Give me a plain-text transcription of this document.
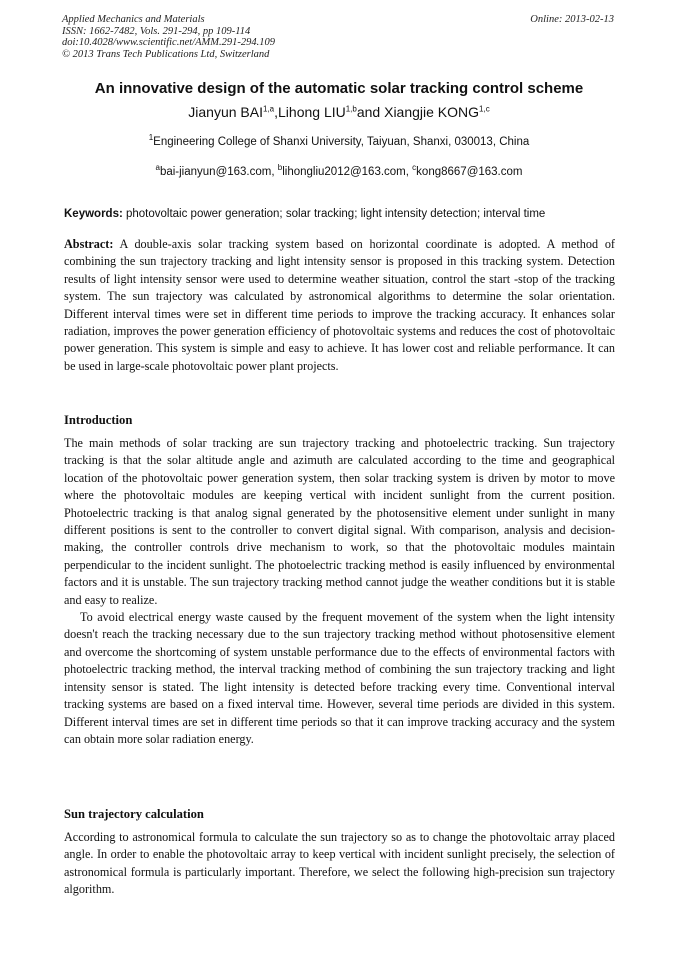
Applied Mechanics and Materials
ISSN: 1662-7482, Vols. 291-294, pp 109-114
doi:10.4028/www.scientific.net/AMM.291-294.109
© 2013 Trans Tech Publications Ltd, Switzerland
Online: 2013-02-13
An innovative design of the automatic solar tracking control scheme
Jianyun BAI$^{1,a}$,Lihong LIU$^{1,b}$and Xiangjie KONG$^{1,c}$
$^1$Engineering College of Shanxi University, Taiyuan, Shanxi, 030013, China
$^a$bai-jianyun@163.com, $^b$lihongliu2012@163.com, $^c$kong8667@163.com
Keywords: photovoltaic power generation; solar tracking; light intensity detection; interval time

Abstract: A double-axis solar tracking system based on horizontal coordinate is adopted. A method of combining the sun trajectory tracking and light intensity sensor is proposed in this tracking system. Detection results of light intensity sensor were used to determine weather situation, control the start -stop of the tracking system. The sun trajectory was calculated by astronomical algorithms to determine the solar orientation. Different interval times were set in different time periods to improve the tracking accuracy. It enhances solar radiation, improves the power generation efficiency of photovoltaic systems and reduces the cost of photovoltaic power generation. This system is simple and easy to achieve. It has lower cost and reliable performance. It can be used in large-scale photovoltaic power plant projects.

Introduction

The main methods of solar tracking are sun trajectory tracking and photoelectric tracking. Sun trajectory tracking is that the solar altitude angle and azimuth are calculated according to the time and geographical location of the photovoltaic power generation system, then solar tracking system is driven by motor to move where the photovoltaic modules are keeping vertical with incident sunlight from the current position. Photoelectric tracking is that analog signal generated by the photosensitive element under sunlight in many different positions is sent to the controller to convert digital signal. With comparison, analysis and decision-making, the controller controls drive mechanism to work, so that the photovoltaic modules maintain perpendicular to the incident sunlight. The photoelectric tracking method is easily influenced by environmental factors and it is unstable. The sun trajectory tracking method cannot judge the weather conditions but it is stable and easy to realize.

To avoid electrical energy waste caused by the frequent movement of the system when the light intensity doesn't reach the tracking necessary due to the sun trajectory tracking method without photosensitive element and overcome the shortcoming of system unstable performance due to the effects of environmental factors with photoelectric tracking method, the interval tracking method of combining the sun trajectory tracking and light intensity sensor is stated. The light intensity is detected before tracking every time. Conventional interval tracking systems are based on a fixed interval time. However, several time periods are divided in this system. Different interval times are set in different time periods so that it can improve tracking accuracy and the system can obtain more solar radiation energy.

Sun trajectory calculation

According to astronomical formula to calculate the sun trajectory so as to change the photovoltaic array placed angle. In order to enable the photovoltaic array to keep vertical with incident sunlight precisely, the selection of astronomical formula is particularly important. Therefore, we select the following high-precision sun trajectory algorithm.
